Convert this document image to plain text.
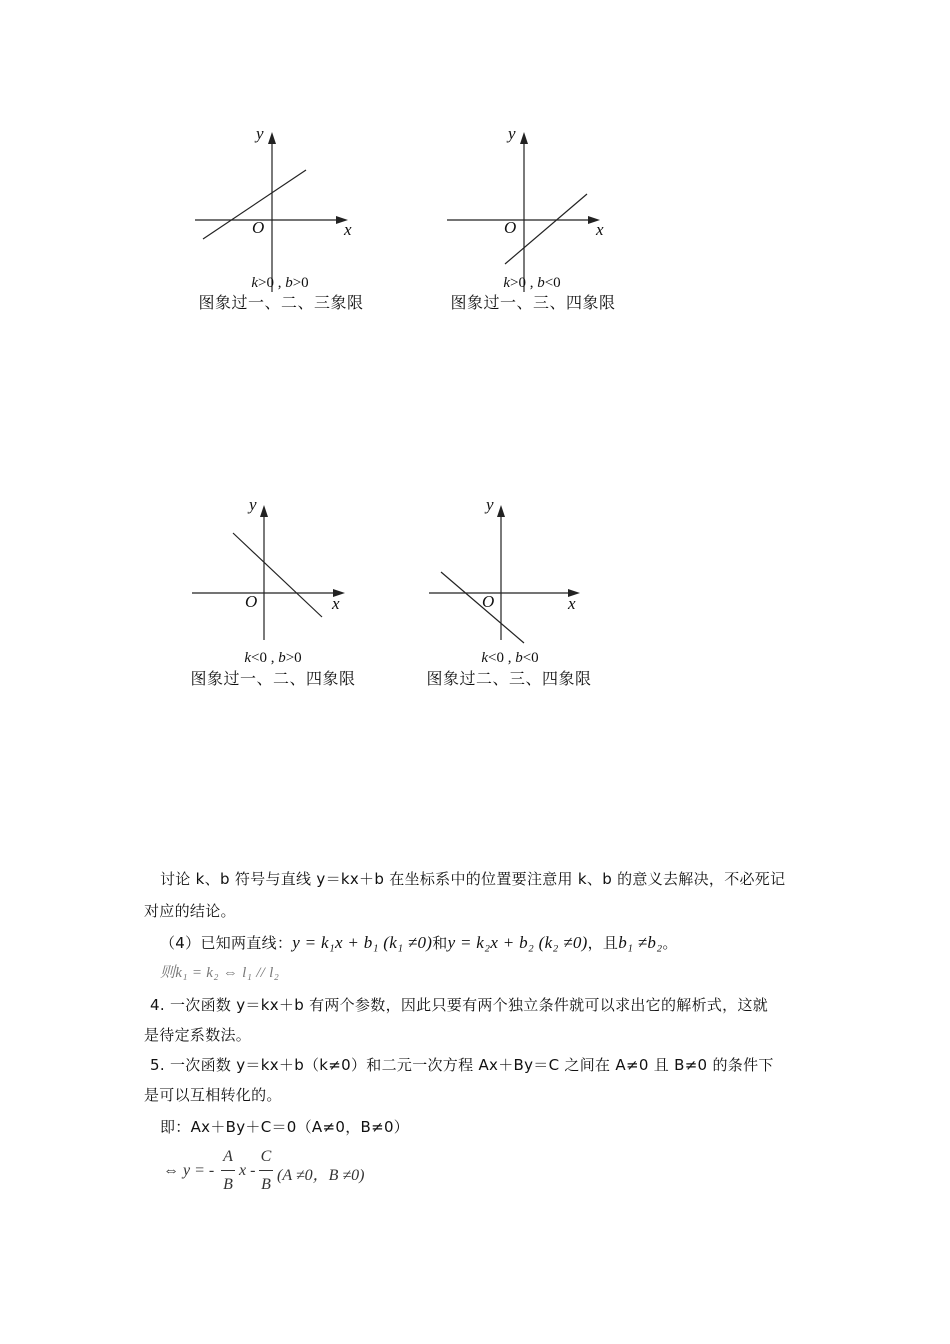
y
x
O
k>0 , b>0
图象过一、二、三象限
y
x
O
k>0 , b<0
图象过一、三、四象限
y
x
O
k<0 , b>0
图象过一、二、四象限
y
x
O
k<0 , b<0
图象过二、三、四象限
讨论 k、b 符号与直线 y＝kx＋b 在坐标系中的位置要注意用 k、b 的意义去解决，不必死记
对应的结论。
（4）已知两直线：y = k₁x + b₁ (k₁ ≠0)和y = k₂x + b₂ (k₂ ≠0)，且b₁ ≠b₂。
则k₁ = k₂ ⇔ l₁ // l₂
4. 一次函数 y＝kx＋b 有两个参数，因此只要有两个独立条件就可以求出它的解析式，这就
是待定系数法。
5. 一次函数 y＝kx＋b（k≠0）和二元一次方程 Ax＋By＝C 之间在 A≠0 且 B≠0 的条件下
是可以互相转化的。
即：Ax＋By＋C＝0（A≠0，B≠0）
⇔ y = -
A
B
x -
C
B
(A ≠0，B ≠0)
